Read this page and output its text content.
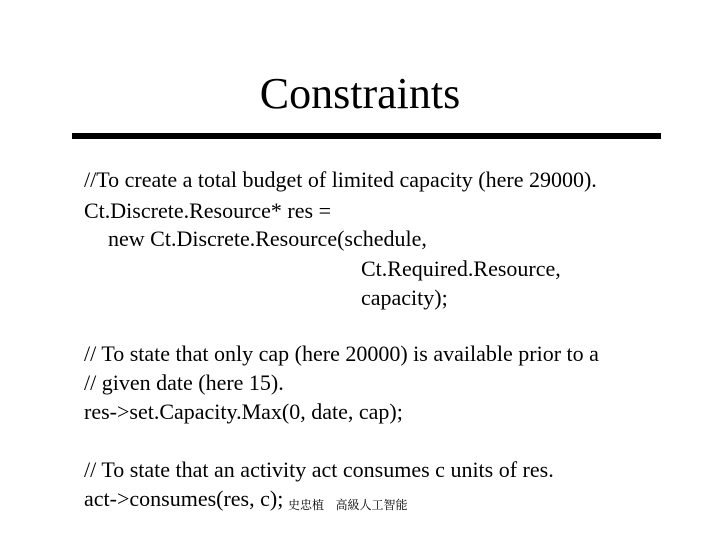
Constraints
//To create a total budget of limited capacity (here 29000).
Ct.Discrete.Resource* res =
new Ct.Discrete.Resource(schedule,
Ct.Required.Resource,
capacity);
// To state that only cap (here 20000) is available prior to a
// given date (here 15).
res->set.Capacity.Max(0, date, cap);
// To state that an activity act consumes c units of res.
act->consumes(res, c); 史忠植   高級人工智能
